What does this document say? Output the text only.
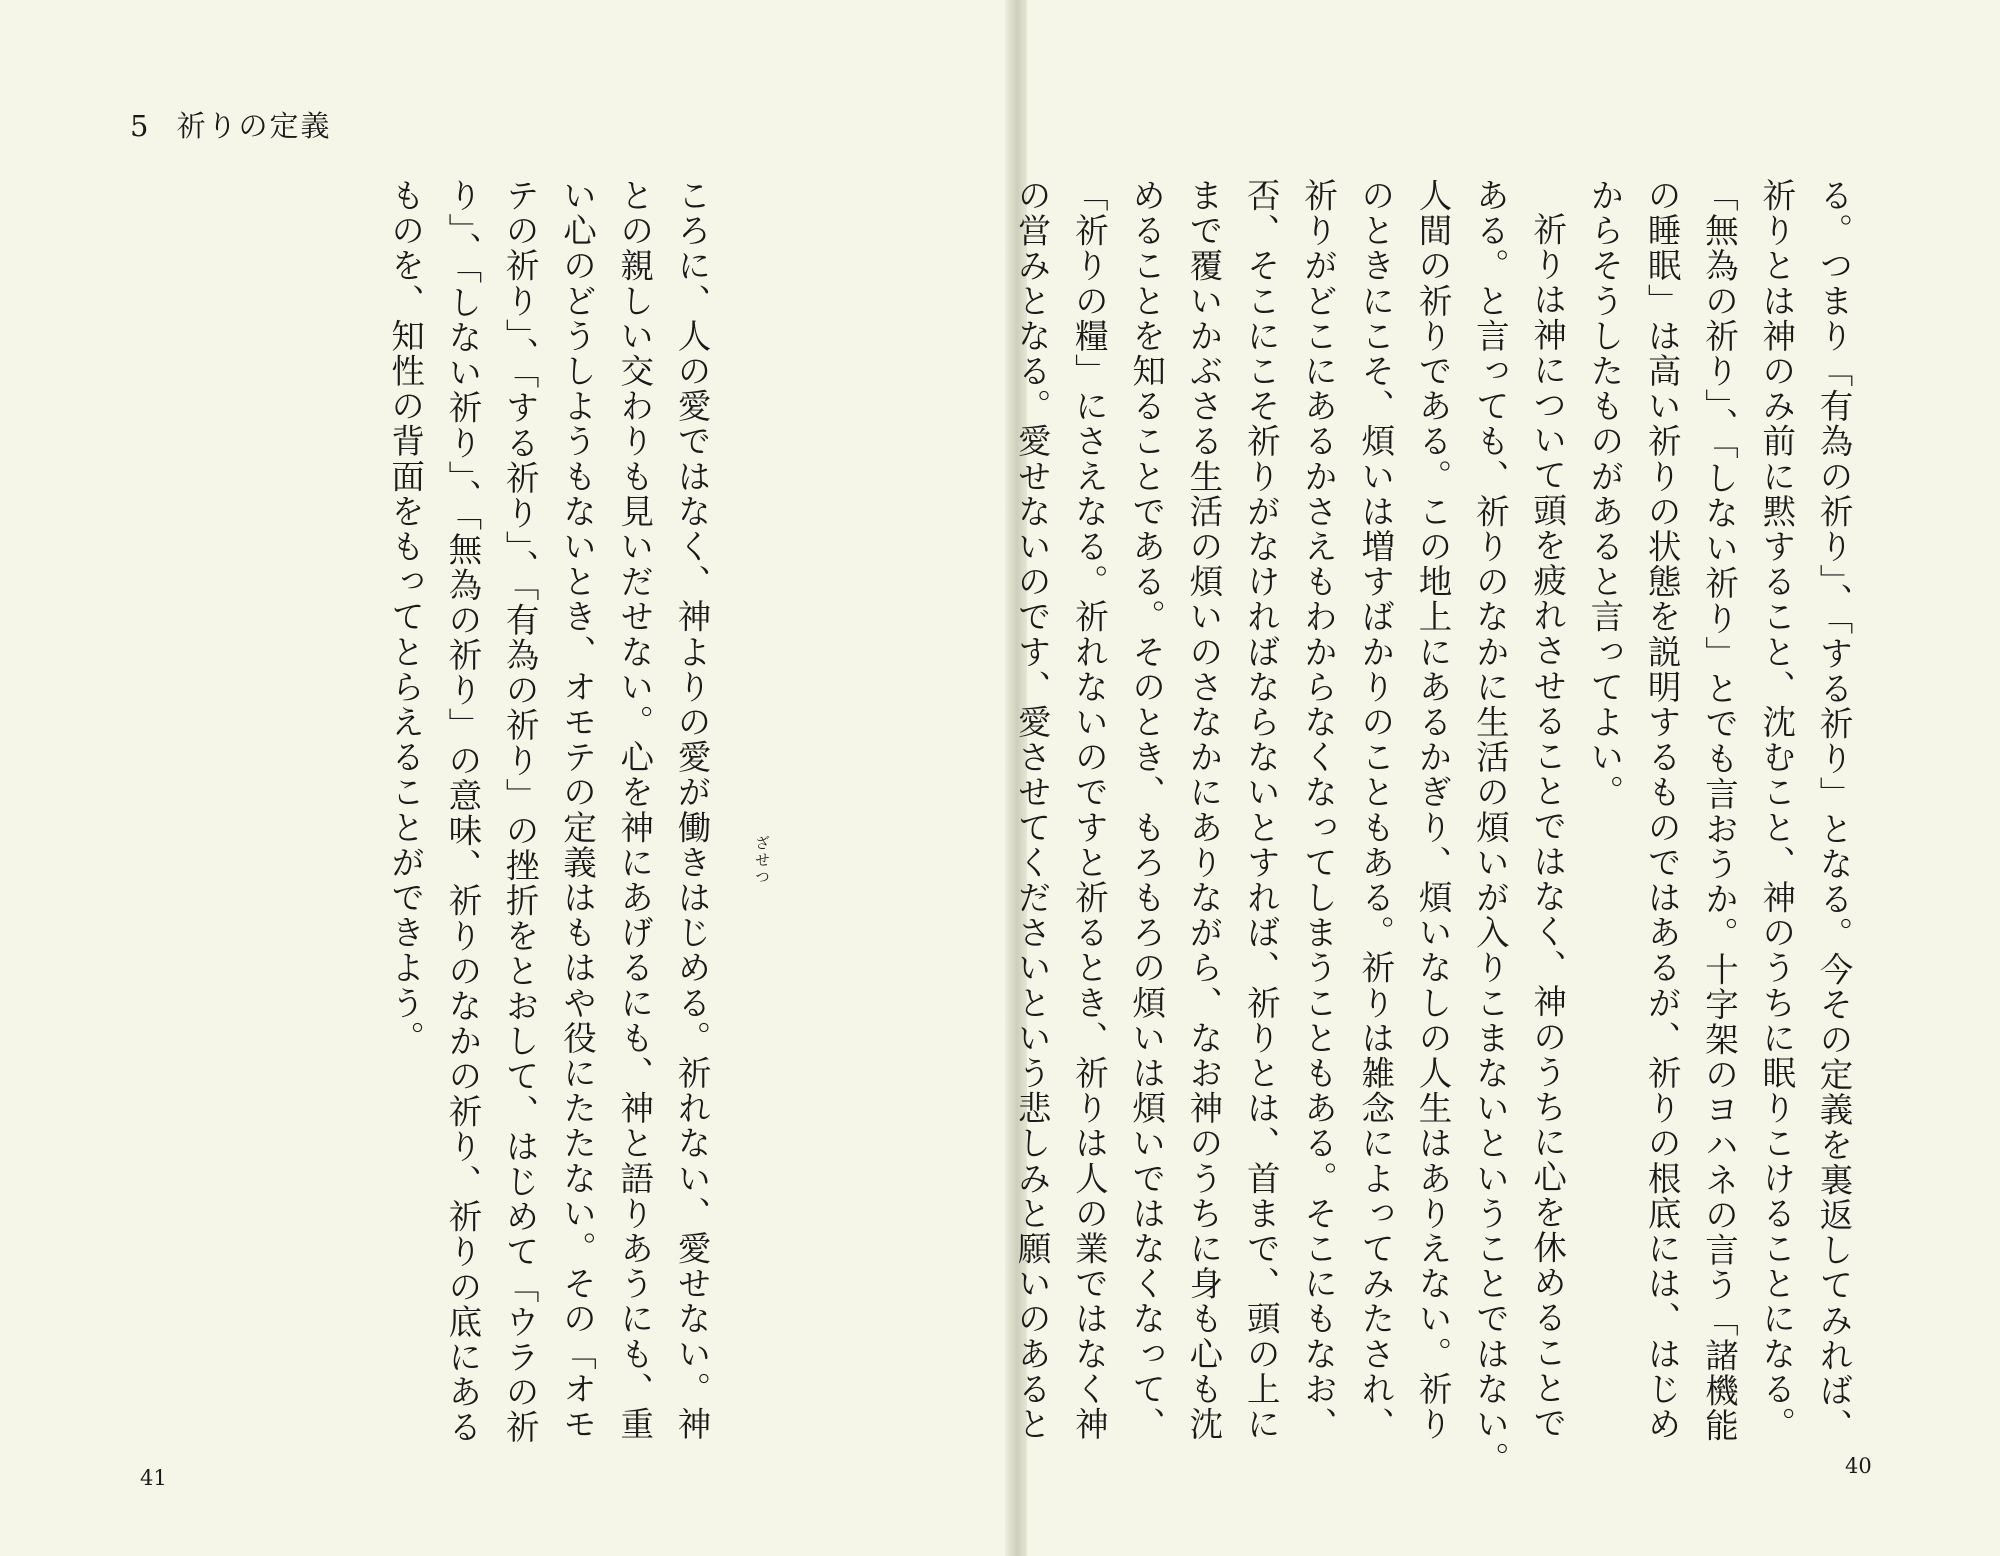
5 祈りの定義

る。つまり「有為の祈り」、「する祈り」となる。今その定義を裏返してみれば、

祈りとは神のみ前に黙すること、沈むこと、神のうちに眠りこけることになる。

「無為の祈り」、「しない祈り」とでも言おうか。十字架のヨハネの言う「諸機能

の睡眠」は高い祈りの状態を説明するものではあるが、祈りの根底には、はじめ

からそうしたものがあると言ってよい。

祈りは神について頭を疲れさせることではなく、神のうちに心を休めることで

ある。と言っても、祈りのなかに生活の煩いが入りこまないということではない。

人間の祈りである。この地上にあるかぎり、煩いなしの人生はありえない。祈り

のときにこそ、煩いは増すばかりのこともある。祈りは雑念によってみたされ、

祈りがどこにあるかさえもわからなくなってしまうこともある。そこにもなお、

否、そこにこそ祈りがなければならないとすれば、祈りとは、首まで、頭の上に

まで覆いかぶさる生活の煩いのさなかにありながら、なお神のうちに身も心も沈

めることを知ることである。そのとき、もろもろの煩いは煩いではなくなって、

「祈りの糧」にさえなる。祈れないのですと祈るとき、祈りは人の業ではなく神

の営みとなる。愛せないのです、愛させてくださいという悲しみと願いのあると

ころに、人の愛ではなく、神よりの愛が働きはじめる。祈れない、愛せない。神

との親しい交わりも見いだせない。心を神にあげるにも、神と語りあうにも、重

い心のどうしようもないとき、オモテの定義はもはや役にたたない。その「オモ

テの祈り」、「する祈り」、「有為の祈り」の挫折をとおして、はじめて「ウラの祈

り」、「しない祈り」、「無為の祈り」の意味、祈りのなかの祈り、祈りの底にある

ものを、知性の背面をもってとらえることができよう。	ざせつ
41	40
